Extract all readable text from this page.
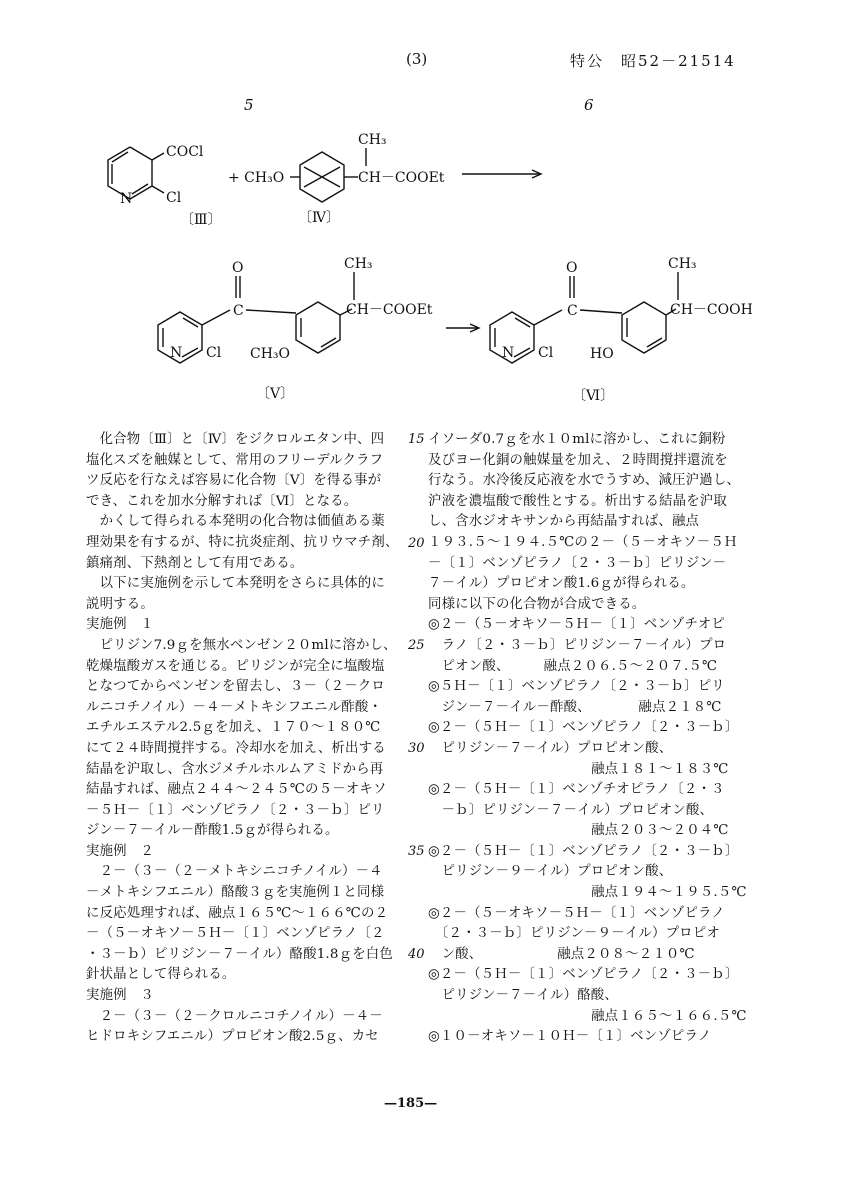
(3)	特公　昭52－21514
5	6
COCl
Cl
N
〔Ⅲ〕
+ CH₃O
CH₃
CH－COOEt
〔Ⅳ〕
O
C
CH₃
CH－COOEt
N Cl CH₃O
〔Ⅴ〕
O
C
CH₃
CH－COOH
N Cl	HO
〔Ⅵ〕

　化合物〔Ⅲ〕と〔Ⅳ〕をジクロルエタン中、四

塩化スズを触媒として、常用のフリーデルクラフ

ツ反応を行なえば容易に化合物〔Ⅴ〕を得る事が

でき、これを加水分解すれば〔Ⅵ〕となる。

　かくして得られる本発明の化合物は価値ある薬

理効果を有するが、特に抗炎症剤、抗リウマチ剤、

鎮痛剤、下熱剤として有用である。

　以下に実施例を示して本発明をさらに具体的に

説明する。

実施例　１

　ピリジン7.9ｇを無水ベンゼン２０mlに溶かし、

乾燥塩酸ガスを通じる。ピリジンが完全に塩酸塩

となつてからベンゼンを留去し、３－（２－クロ

ルニコチノイル）－４－メトキシフエニル酢酸・

エチルエステル2.5ｇを加え、１７０～１８０℃

にて２４時間撹拌する。冷却水を加え、析出する

結晶を沪取し、含水ジメチルホルムアミドから再

結晶すれば、融点２４４～２４５℃の５－オキソ

－５Ｈ－〔１〕ベンゾピラノ〔２・３－ｂ〕ピリ

ジン－７－イル－酢酸1.5ｇが得られる。

実施例　２

　２－（３－（２－メトキシニコチノイル）－４

－メトキシフエニル）酪酸３ｇを実施例１と同様

に反応処理すれば、融点１６５℃～１６６℃の２

－（５－オキソ－５Ｈ－〔１〕ベンゾピラノ〔２

・３－ｂ）ピリジン－７－イル）酪酸1.8ｇを白色

針状晶として得られる。

実施例　３

　２－（３－（２－クロルニコチノイル）－４－

ヒドロキシフエニル）プロピオン酸2.5ｇ、カセ

15
20
25
30
35
40

イソーダ0.7ｇを水１０mlに溶かし、これに銅粉

及びヨー化銅の触媒量を加え、２時間撹拌還流を

行なう。水冷後反応液を水でうすめ、減圧沪過し、

沪液を濃塩酸で酸性とする。析出する結晶を沪取

し、含水ジオキサンから再結晶すれば、融点

１９３.５～１９４.５℃の２－（５－オキソ－５Ｈ

－〔１〕ベンゾピラノ〔２・３－ｂ〕ピリジン－

７－イル）プロピオン酸1.6ｇが得られる。

同様に以下の化合物が合成できる。

◎２－（５－オキソ－５Ｈ－〔１〕ベンゾチオピ

　ラノ〔２・３－ｂ〕ピリジン－７－イル）プロ

　ピオン酸、　　　融点２０６.５～２０７.５℃

◎５Ｈ－〔１〕ベンゾピラノ〔２・３－ｂ〕ピリ

　ジン－７－イル－酢酸、　　　　融点２１８℃

◎２－（５Ｈ－〔１〕ベンゾピラノ〔２・３－ｂ〕

　ピリジン－７－イル）プロピオン酸、

　　　　　　　　　　　　融点１８１～１８３℃

◎２－（５Ｈ－〔１〕ベンゾチオピラノ〔２・３

　－ｂ〕ピリジン－７－イル）プロピオン酸、

　　　　　　　　　　　　融点２０３～２０４℃

◎２－（５Ｈ－〔１〕ベンゾピラノ〔２・３－ｂ〕

　ピリジン－９－イル）プロピオン酸、

　　　　　　　　　　　　融点１９４～１９５.５℃

◎２－（５－オキソ－５Ｈ－〔１〕ベンゾピラノ

　〔２・３－ｂ〕ピリジン－９－イル）プロピオ

　ン酸、　　　　　　融点２０８～２１０℃

◎２－（５Ｈ－〔１〕ベンゾピラノ〔２・３－ｂ〕

　ピリジン－７－イル）酪酸、

　　　　　　　　　　　　融点１６５～１６６.５℃

◎１０－オキソ－１０Ｈ－〔１〕ベンゾピラノ

—185—
